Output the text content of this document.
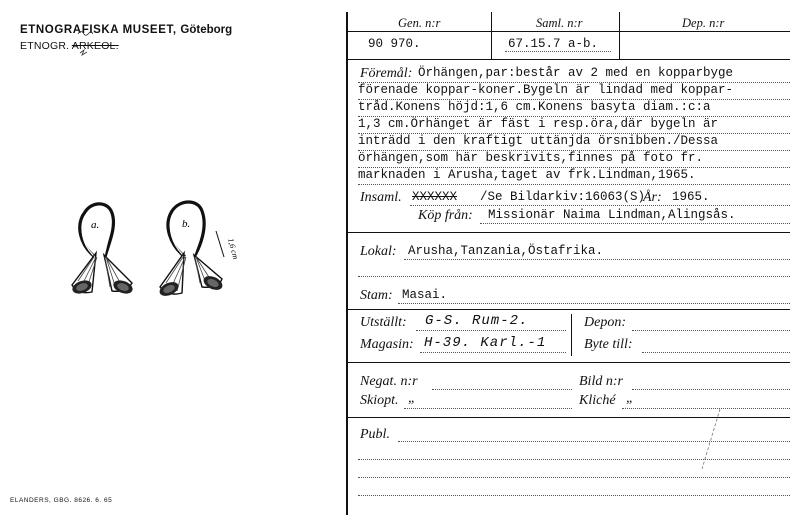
ETNOGRAFISKA MUSEET, Göteborg
ETNOGR. ARKEOL.
a.	b.
1,6 cm
ELANDERS, GBG. 8626. 6. 65
Gen. n:r	Saml. n:r	Dep. n:r
90 970.	67.15.7 a-b.
Föremål: Örhängen,par:består av 2 med en kopparbyge
förenade koppar-koner.Bygeln är lindad med koppar-
tråd.Konens höjd:1,6 cm.Konens basyta diam.:c:a
1,3 cm.Örhänget är fäst i resp.öra,där bygeln är
inträdd i den kraftigt uttänjda örsnibben./Dessa
örhängen,som här beskrivits,finnes på foto fr.
marknaden i Arusha,taget av frk.Lindman,1965.
Insaml. XXXXXX /Se Bildarkiv:16063(S)
År: 1965.
Köp från: Missionär Naima Lindman,Alingsås.
Lokal: Arusha,Tanzania,Östafrika.
Stam: Masai.
Utställt: G-S. Rum-2.
Magasin: H-39. Karl.-1
Depon:
Byte till:
Negat. n:r	Bild n:r
Skiopt. „	Kliché „
Publ.
